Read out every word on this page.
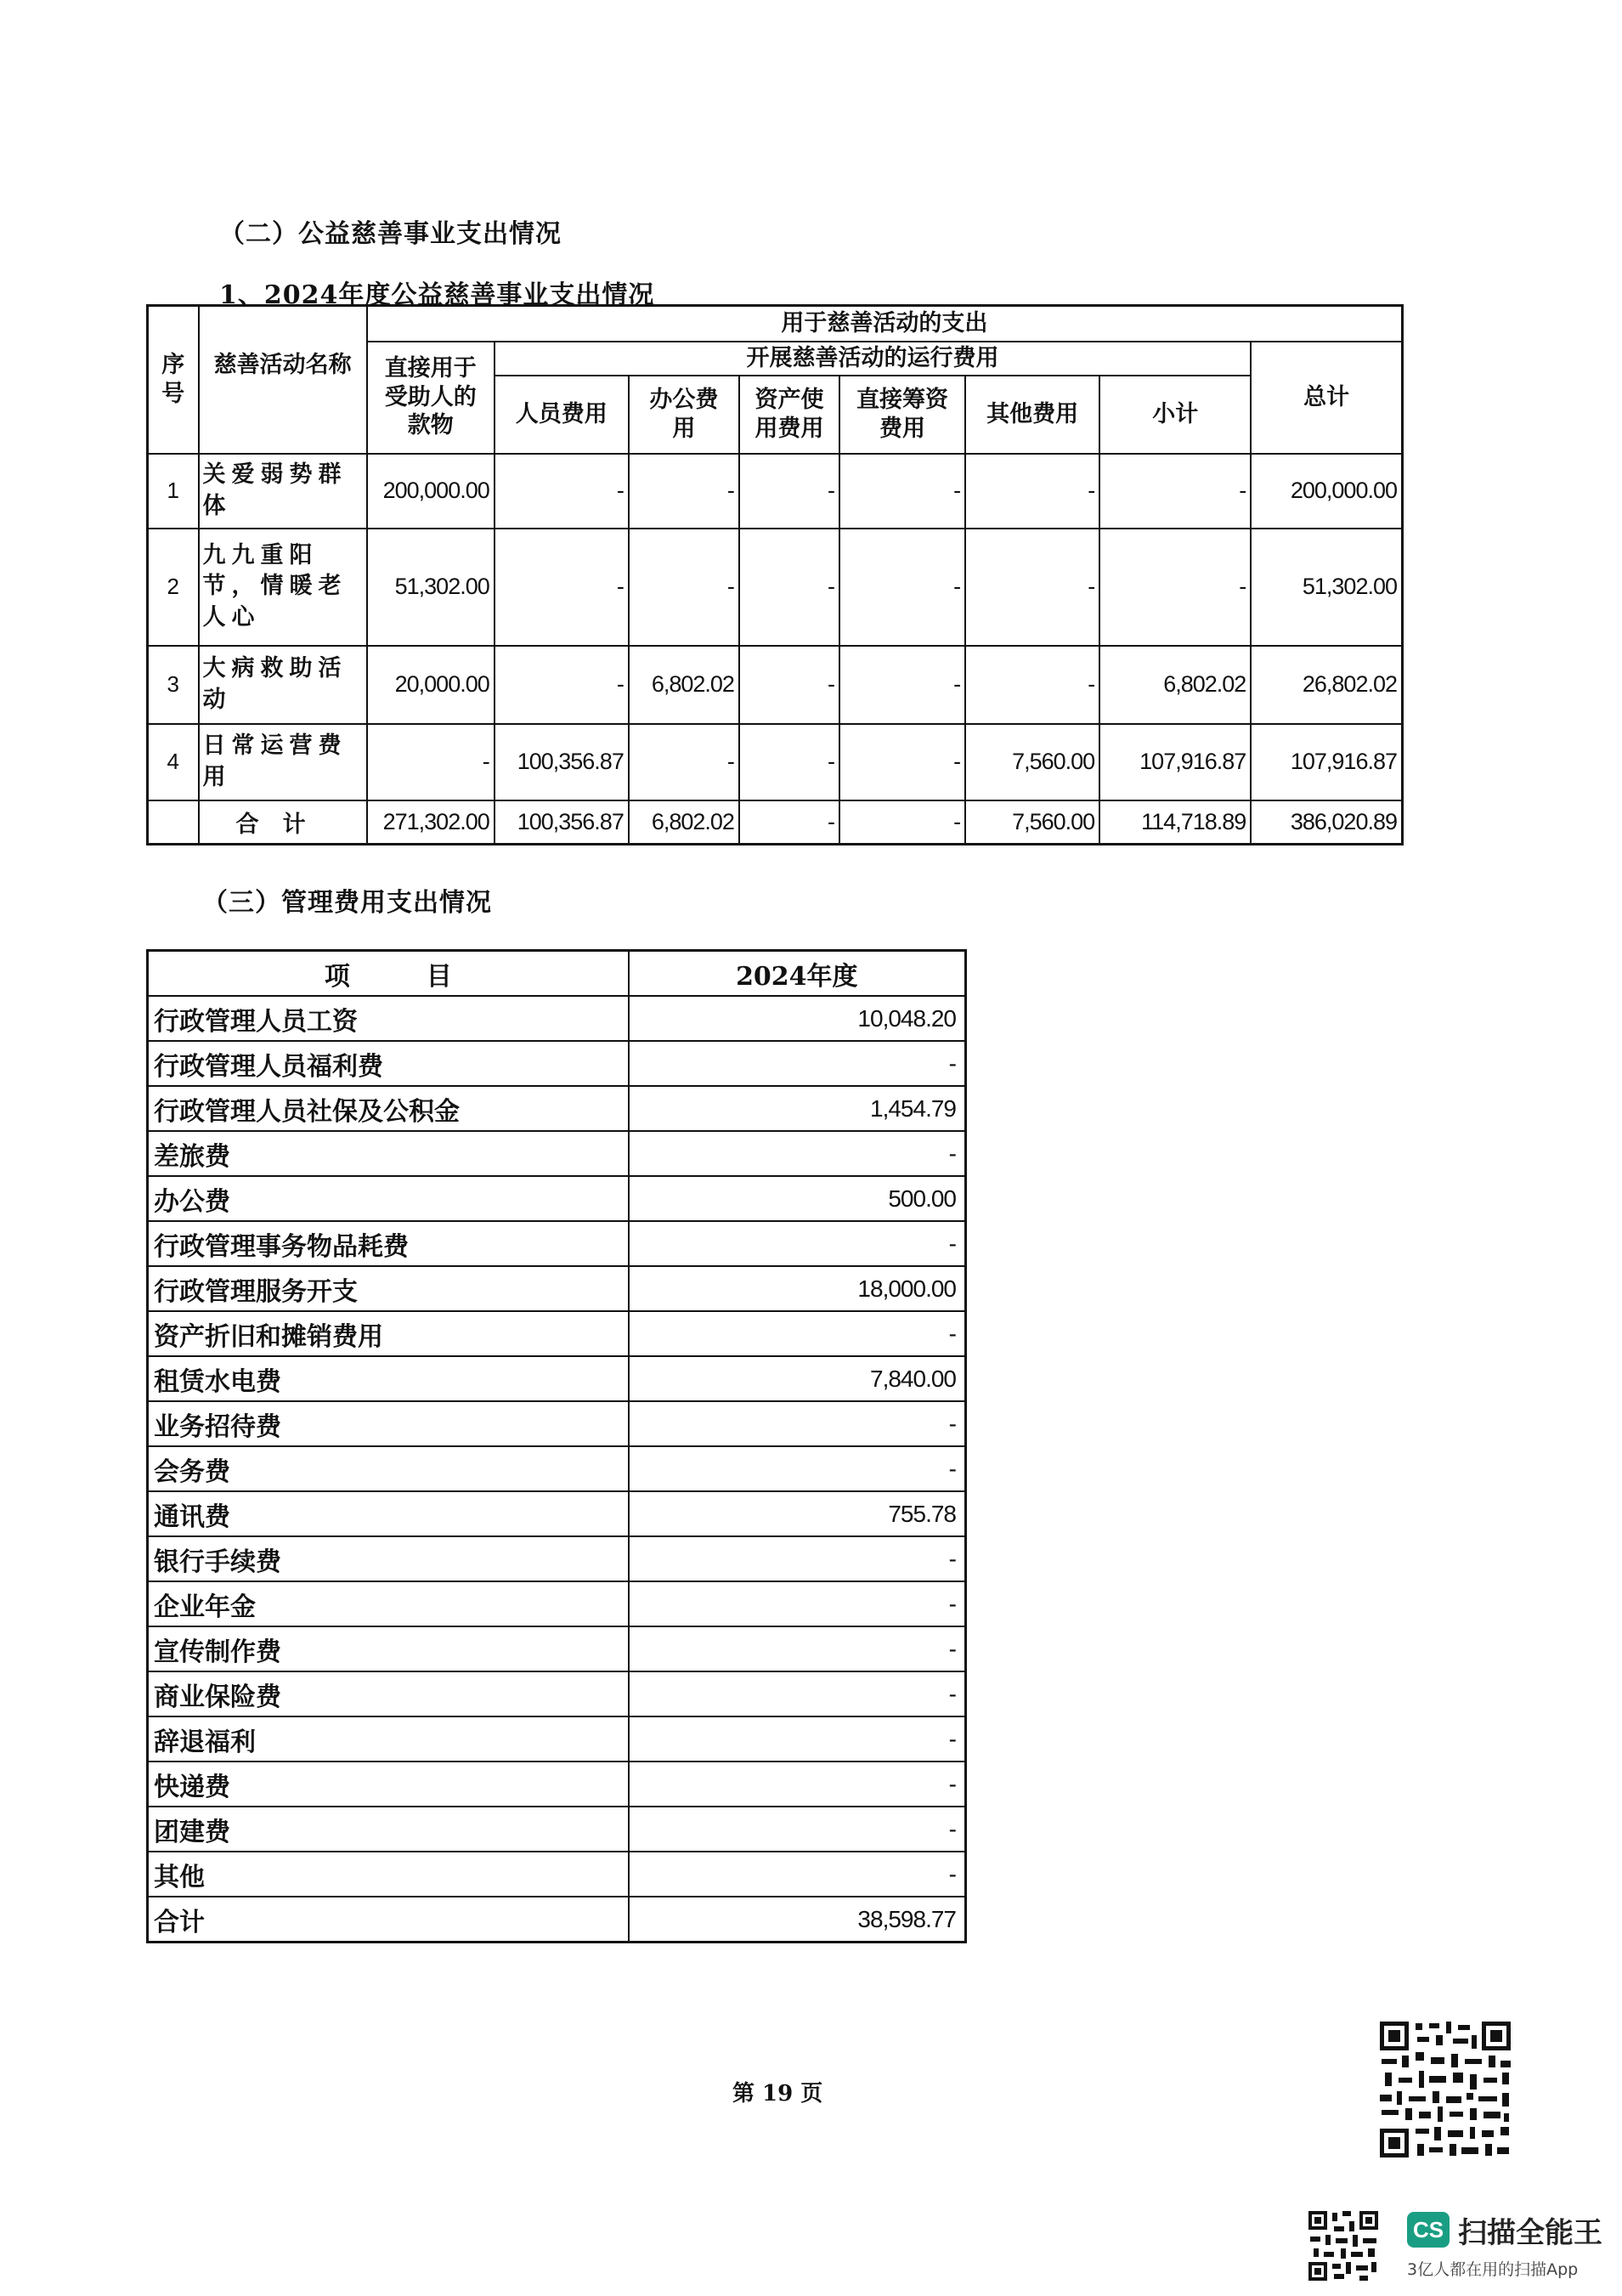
（二）公益慈善事业支出情况
1、2024年度公益慈善事业支出情况
序号	慈善活动名称	用于慈善活动的支出							
		直接用于受助人的款物	开展慈善活动的运行费用						总计
			人员费用	办公费用	资产使用费用	直接筹资费用	其他费用	小计	
1	关爱弱势群体	200,000.00	-	-	-	-	-	-	200,000.00
2	九九重阳节，情暖老人心	51,302.00	-	-	-	-	-	-	51,302.00
3	大病救助活动	20,000.00	-	6,802.02	-	-	-	6,802.02	26,802.02
4	日常运营费用	-	100,356.87	-	-	-	7,560.00	107,916.87	107,916.87
	合计	271,302.00	100,356.87	6,802.02	-	-	7,560.00	114,718.89	386,020.89
（三）管理费用支出情况
项　　　目	2024年度
行政管理人员工资	10,048.20
行政管理人员福利费	-
行政管理人员社保及公积金	1,454.79
差旅费	-
办公费	500.00
行政管理事务物品耗费	-
行政管理服务开支	18,000.00
资产折旧和摊销费用	-
租赁水电费	7,840.00
业务招待费	-
会务费	-
通讯费	755.78
银行手续费	-
企业年金	-
宣传制作费	-
商业保险费	-
辞退福利	-
快递费	-
团建费	-
其他	-
合计	38,598.77
第 19 页
CS 扫描全能王
3亿人都在用的扫描App
